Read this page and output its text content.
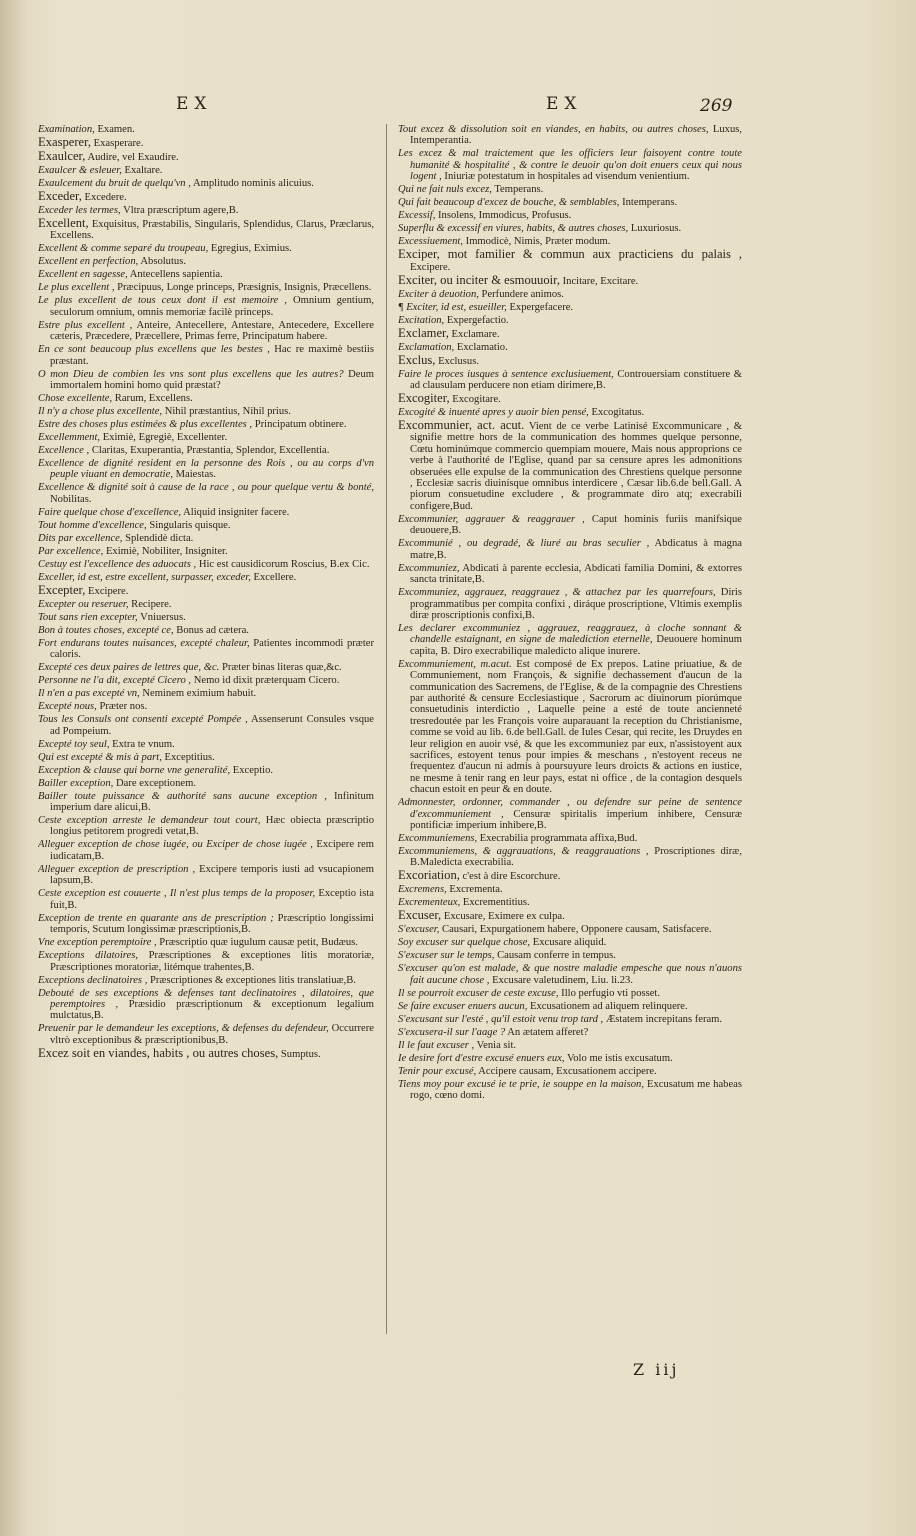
EX	EX	269

Examination, Examen.

Exasperer, Exasperare.

Exaulcer, Audire, vel Exaudire.

Exaulcer & esleuer, Exaltare.

Exaulcement du bruit de quelqu'vn , Amplitudo nominis alicuius.

Exceder, Excedere.

Exceder les termes, Vltra præscriptum agere,B.

Excellent, Exquisitus, Præstabilis, Singularis, Splendidus, Clarus, Præclarus, Excellens.

Excellent & comme separé du troupeau, Egregius, Eximius.

Excellent en perfection, Absolutus.

Excellent en sagesse, Antecellens sapientia.

Le plus excellent , Præcipuus, Longe princeps, Præsignis, Insignis, Præcellens.

Le plus excellent de tous ceux dont il est memoire , Omnium gentium, seculorum omnium, omnis memoriæ facilè princeps.

Estre plus excellent , Anteire, Antecellere, Antestare, Antecedere, Excellere cæteris, Præcedere, Præcellere, Primas ferre, Principatum habere.

En ce sont beaucoup plus excellens que les bestes , Hac re maximè bestiis præstant.

O mon Dieu de combien les vns sont plus excellens que les autres? Deum immortalem homini homo quid præstat?

Chose excellente, Rarum, Excellens.

Il n'y a chose plus excellente, Nihil præstantius, Nihil prius.

Estre des choses plus estimées & plus excellentes , Principatum obtinere.

Excellemment, Eximiè, Egregiè, Excellenter.

Excellence , Claritas, Exuperantia, Præstantia, Splendor, Excellentia.

Excellence de dignité resident en la personne des Rois , ou au corps d'vn peuple viuant en democratie, Maiestas.

Excellence & dignité soit à cause de la race , ou pour quelque vertu & bonté, Nobilitas.

Faire quelque chose d'excellence, Aliquid insigniter facere.

Tout homme d'excellence, Singularis quisque.

Dits par excellence, Splendidè dicta.

Par excellence, Eximiè, Nobiliter, Insigniter.

Cestuy est l'excellence des aduocats , Hic est causidicorum Roscius, B.ex Cic.

Exceller, id est, estre excellent, surpasser, exceder, Excellere.

Excepter, Excipere.

Excepter ou reseruer, Recipere.

Tout sans rien excepter, Vniuersus.

Bon à toutes choses, excepté ce, Bonus ad cætera.

Fort endurans toutes nuisances, excepté chaleur, Patientes incommodi præter caloris.

Excepté ces deux paires de lettres que, &c. Præter binas literas quæ,&c.

Personne ne l'a dit, excepté Cicero , Nemo id dixit præterquam Cicero.

Il n'en a pas excepté vn, Neminem eximium habuit.

Excepté nous, Præter nos.

Tous les Consuls ont consenti excepté Pompée , Assenserunt Consules vsque ad Pompeium.

Excepté toy seul, Extra te vnum.

Qui est excepté & mis à part, Exceptitius.

Exception & clause qui borne vne generalité, Exceptio.

Bailler exception, Dare exceptionem.

Bailler toute puissance & authorité sans aucune exception , Infinitum imperium dare alicui,B.

Ceste exception arreste le demandeur tout court, Hæc obiecta præscriptio longius petitorem progredi vetat,B.

Alleguer exception de chose iugée, ou Exciper de chose iugée , Excipere rem iudicatam,B.

Alleguer exception de prescription , Excipere temporis iusti ad vsucapionem lapsum,B.

Ceste exception est couuerte , Il n'est plus temps de la proposer, Exceptio ista fuit,B.

Exception de trente en quarante ans de prescription ; Præscriptio longissimi temporis, Scutum longissimæ præscriptionis,B.

Vne exception peremptoire , Præscriptio quæ iugulum causæ petit, Budæus.

Exceptions dilatoires, Præscriptiones & exceptiones litis moratoriæ, Præscriptiones moratoriæ, litémque trahentes,B.

Exceptions declinatoires , Præscriptiones & exceptiones litis translatiuæ,B.

Debouté de ses exceptions & defenses tant declinatoires , dilatoires, que peremptoires , Præsidio præscriptionum & exceptionum legalium mulctatus,B.

Preuenir par le demandeur les exceptions, & defenses du defendeur, Occurrere vltrò exceptionibus & præscriptionibus,B.

Excez soit en viandes, habits , ou autres choses, Sumptus.

Tout excez & dissolution soit en viandes, en habits, ou autres choses, Luxus, Intemperantia.

Les excez & mal traictement que les officiers leur faisoyent contre toute humanité & hospitalité , & contre le deuoir qu'on doit enuers ceux qui nous logent , Iniuriæ potestatum in hospitales ad visendum venientium.

Qui ne fait nuls excez, Temperans.

Qui fait beaucoup d'excez de bouche, & semblables, Intemperans.

Excessif, Insolens, Immodicus, Profusus.

Superflu & excessif en viures, habits, & autres choses, Luxuriosus.

Excessiuement, Immodicè, Nimis, Præter modum.

Exciper, mot familier & commun aux practiciens du palais , Excipere.

Exciter, ou inciter & esmouuoir, Incitare, Excitare.

Exciter à deuotion, Perfundere animos.

¶ Exciter, id est, esueiller, Expergefacere.

Excitation, Expergefactio.

Exclamer, Exclamare.

Exclamation, Exclamatio.

Exclus, Exclusus.

Faire le proces iusques à sentence exclusiuement, Controuersiam constituere & ad clausulam perducere non etiam dirimere,B.

Excogiter, Excogitare.

Excogité & inuenté apres y auoir bien pensé, Excogitatus.

Excommunier, act. acut. Vient de ce verbe Latinisé Excommunicare , & signifie mettre hors de la communication des hommes quelque personne, Cœtu hominúmque commercio quempiam mouere, Mais nous approprions ce verbe à l'authorité de l'Eglise, quand par sa censure apres les admonitions obseruées elle expulse de la communication des Chrestiens quelque personne , Ecclesiæ sacris diuinísque omnibus interdicere , Cæsar lib.6.de bell.Gall. A piorum consuetudine excludere , & programmate diro atq; execrabili configere,Bud.

Excommunier, aggrauer & reaggrauer , Caput hominis furiis manifsique deuouere,B.

Excommunié , ou degradé, & liuré au bras seculier , Abdicatus à magna matre,B.

Excommuniez, Abdicati à parente ecclesia, Abdicati familia Domini, & extorres sancta trinitate,B.

Excommuniez, aggrauez, reaggrauez , & attachez par les quarrefours, Diris programmatibus per compita confixi , diráque proscriptione, Vltimis exemplis diræ proscriptionis confixi,B.

Les declarer excommuniez , aggrauez, reaggrauez, à cloche sonnant & chandelle estaignant, en signe de malediction eternelle, Deuouere hominum capita, B. Diro execrabilique maledicto alique inurere.

Excommuniement, m.acut. Est composé de Ex prepos. Latine priuatiue, & de Communiement, nom François, & signifie dechassement d'aucun de la communication des Sacremens, de l'Eglise, & de la compagnie des Chrestiens par authorité & censure Ecclesiastique , Sacrorum ac diuinorum piorúmque consuetudinis interdictio , Laquelle peine a esté de toute ancienneté tresredoutée par les François voire auparauant la reception du Christianisme, comme se void au lib. 6.de bell.Gall. de Iules Cesar, qui recite, les Druydes en leur religion en auoir vsé, & que les excommuniez par eux, n'assistoyent aux sacrifices, estoyent tenus pour impies & meschans , n'estoyent receus ne frequentez d'aucun ni admis à poursuyure leurs droicts & actions en iustice, ne mesme à tenir rang en leur pays, estat ni office , de la contagion desquels chacun estoit en peur & en doute.

Admonnester, ordonner, commander , ou defendre sur peine de sentence d'excommuniement , Censuræ spiritalis imperium inhibere, Censuræ pontificiæ imperium inhibere,B.

Excommuniemens, Execrabilia programmata affixa,Bud.

Excommuniemens, & aggrauations, & reaggrauations , Proscriptiones diræ, B.Maledicta execrabilia.

Excoriation, c'est à dire Escorchure.

Excremens, Excrementa.

Excrementeux, Excrementitius.

Excuser, Excusare, Eximere ex culpa.

S'excuser, Causari, Expurgationem habere, Opponere causam, Satisfacere.

Soy excuser sur quelque chose, Excusare aliquid.

S'excuser sur le temps, Causam conferre in tempus.

S'excuser qu'on est malade, & que nostre maladie empesche que nous n'auons fait aucune chose , Excusare valetudinem, Liu. li.23.

Il se pourroit excuser de ceste excuse, Illo perfugio vti posset.

Se faire excuser enuers aucun, Excusationem ad aliquem relinquere.

S'excusant sur l'esté , qu'il estoit venu trop tard , Æstatem increpitans feram.

S'excusera-il sur l'aage ? An ætatem afferet?

Il le faut excuser , Venia sit.

Ie desire fort d'estre excusé enuers eux, Volo me istis excusatum.

Tenir pour excusé, Accipere causam, Excusationem accipere.

Tiens moy pour excusé ie te prie, ie souppe en la maison, Excusatum me habeas rogo, cœno domi.

Z iij
